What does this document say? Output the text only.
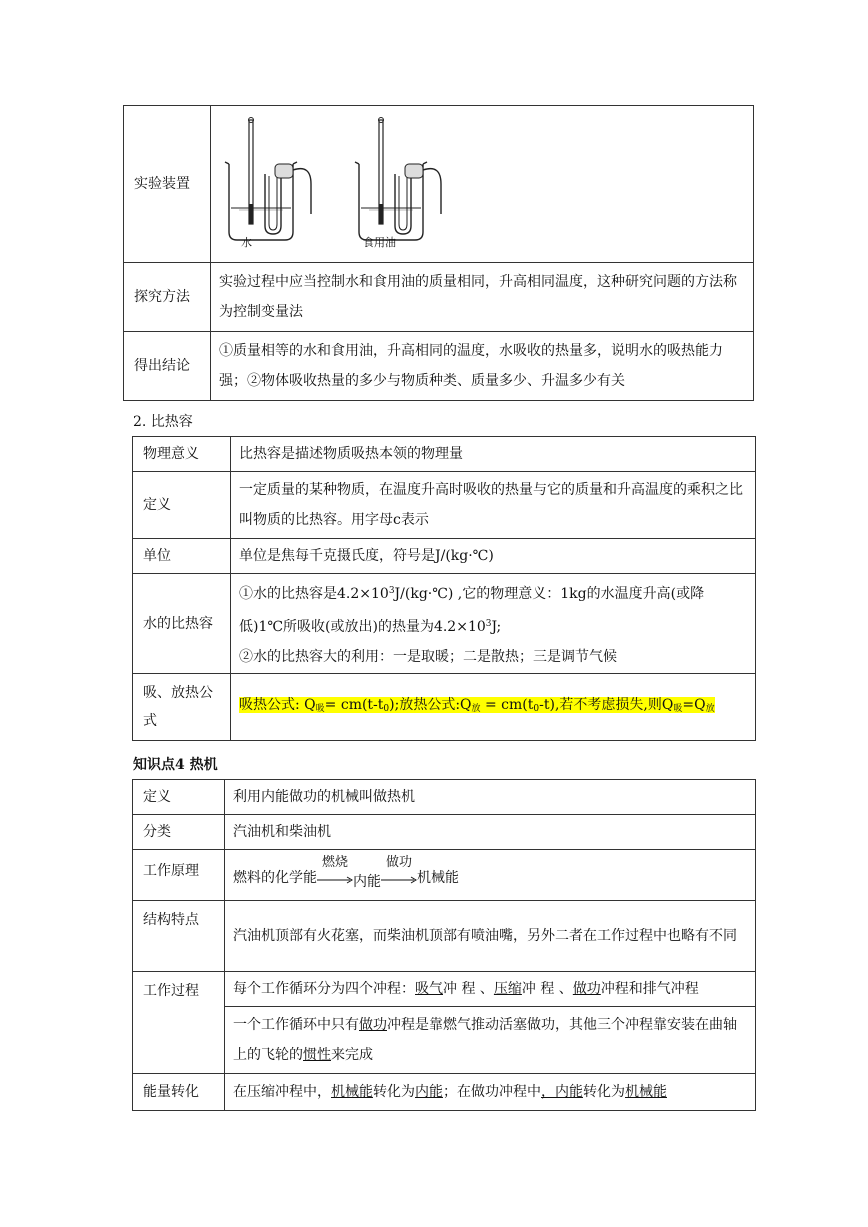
实验装置	水 食用油

探究方法	实验过程中应当控制水和食用油的质量相同，升高相同温度，这种研究问题的方法称为控制变量法
得出结论	①质量相等的水和食用油，升高相同的温度，水吸收的热量多，说明水的吸热能力强；②物体吸收热量的多少与物质种类、质量多少、升温多少有关
2. 比热容
物理意义	比热容是描述物质吸热本领的物理量
定义	一定质量的某种物质，在温度升高时吸收的热量与它的质量和升高温度的乘积之比叫物质的比热容。用字母c表示
单位	单位是焦每千克摄氏度，符号是J/(kg·℃)
水的比热容	①水的比热容是$4.2\times 10^3J/(kg\cdot℃)$ ,它的物理意义：1kg的水温度升高(或降
低)1℃所吸收(或放出)的热量为$4.2\times 10^3J$;
②水的比热容大的利用：一是取暖；二是散热；三是调节气候

吸、放热公式	吸热公式: $Q_吸= cm(t-t_0)$;放热公式$:Q_放 = cm(t_0-t)$,若不考虑损失,则$Q_吸=Q_放$
知识点4 热机
定义	利用内能做功的机械叫做热机
分类	汽油机和柴油机
工作原理	燃料的化学能
燃烧
内能
做功
机械能
结构特点	汽油机顶部有火花塞，而柴油机顶部有喷油嘴，另外二者在工作过程中也略有不同
工作过程	每个工作循环分为四个冲程：吸气冲 程 、压缩冲 程 、做功冲程和排气冲程
	一个工作循环中只有做功冲程是靠燃气推动活塞做功，其他三个冲程靠安装在曲轴上的飞轮的惯性来完成
能量转化	在压缩冲程中，机械能转化为内能；在做功冲程中，内能转化为机械能
